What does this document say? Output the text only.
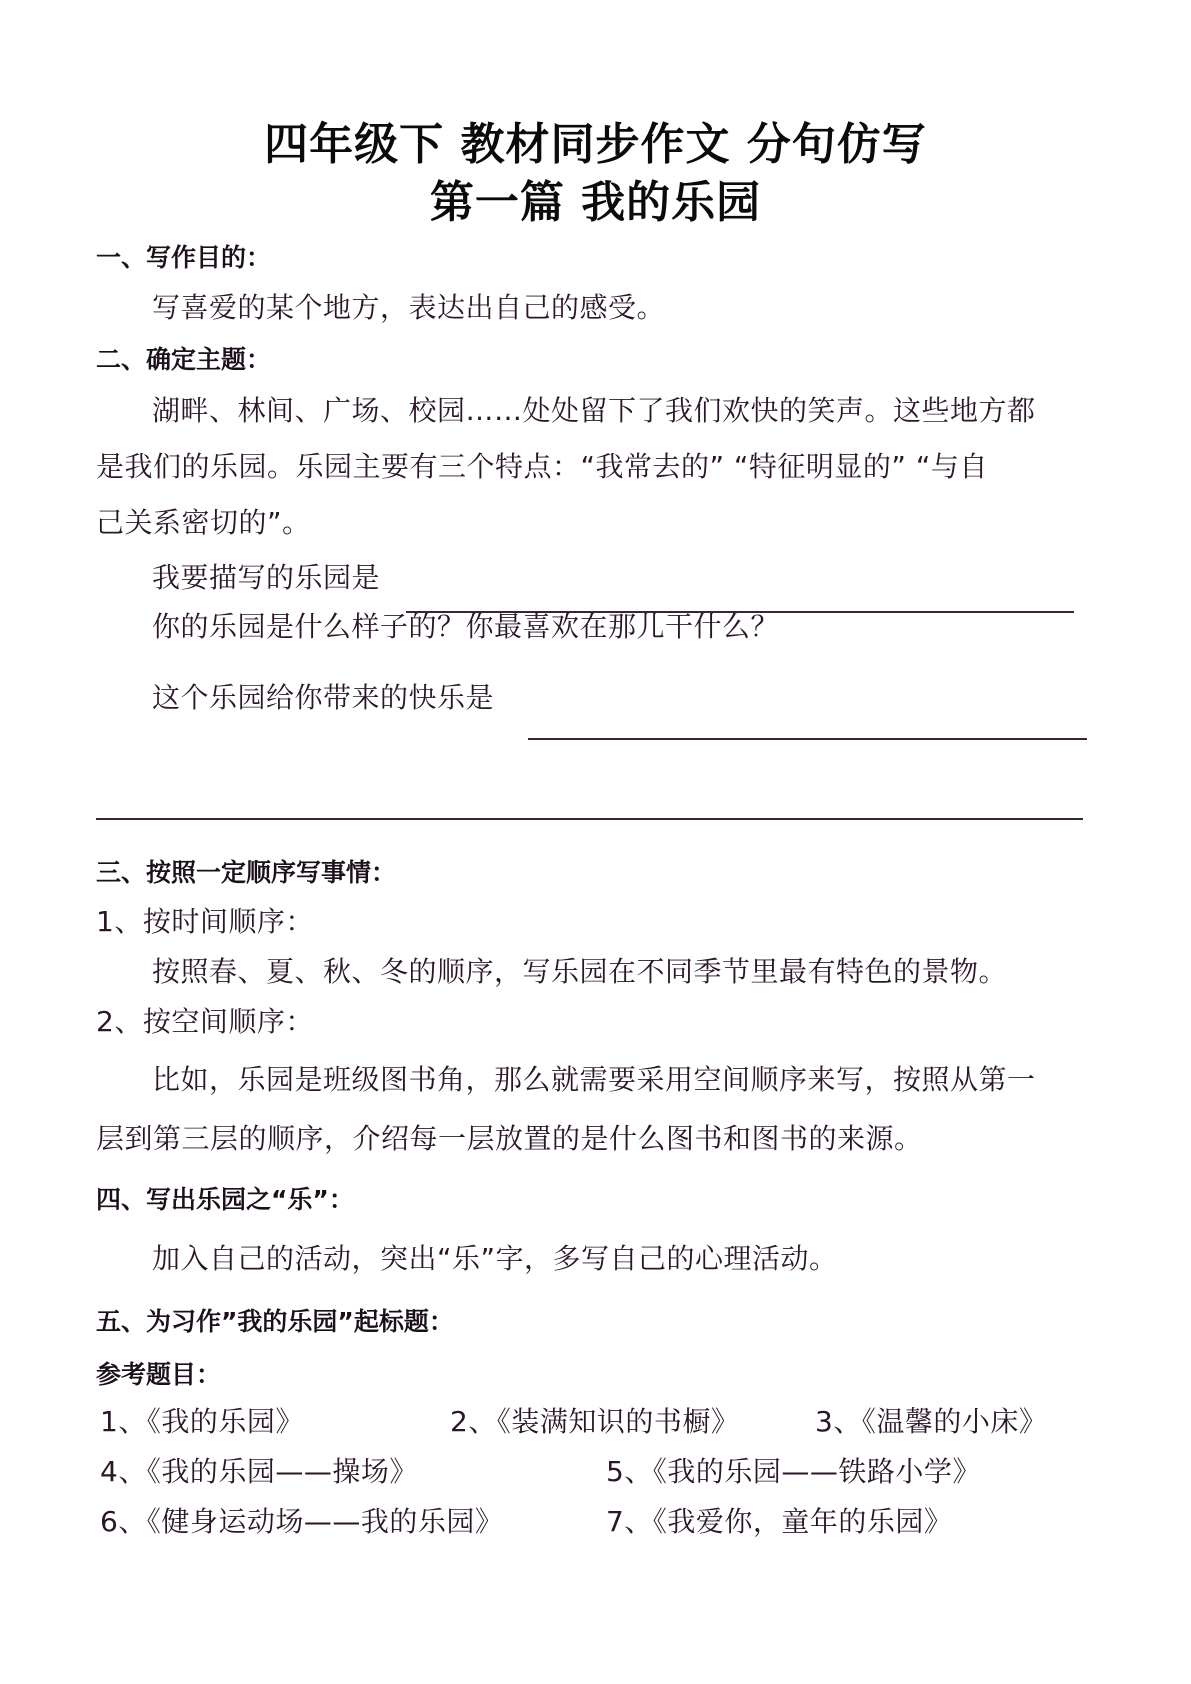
四年级下 教材同步作文 分句仿写
第一篇 我的乐园
一、写作目的：
写喜爱的某个地方，表达出自己的感受。
二、确定主题：
湖畔、林间、广场、校园……处处留下了我们欢快的笑声。这些地方都
是我们的乐园。乐园主要有三个特点：“我常去的” “特征明显的” “与自
己关系密切的”。
我要描写的乐园是
你的乐园是什么样子的？你最喜欢在那儿干什么？
这个乐园给你带来的快乐是
三、按照一定顺序写事情：
1、按时间顺序：
按照春、夏、秋、冬的顺序，写乐园在不同季节里最有特色的景物。
2、按空间顺序：
比如，乐园是班级图书角，那么就需要采用空间顺序来写，按照从第一
层到第三层的顺序，介绍每一层放置的是什么图书和图书的来源。
四、写出乐园之“乐”：
加入自己的活动，突出“乐”字，多写自己的心理活动。
五、为习作”我的乐园”起标题：
参考题目：
1、《我的乐园》	2、《装满知识的书橱》	3、《温馨的小床》
4、《我的乐园——操场》	5、《我的乐园——铁路小学》
6、《健身运动场——我的乐园》	7、《我爱你，童年的乐园》
